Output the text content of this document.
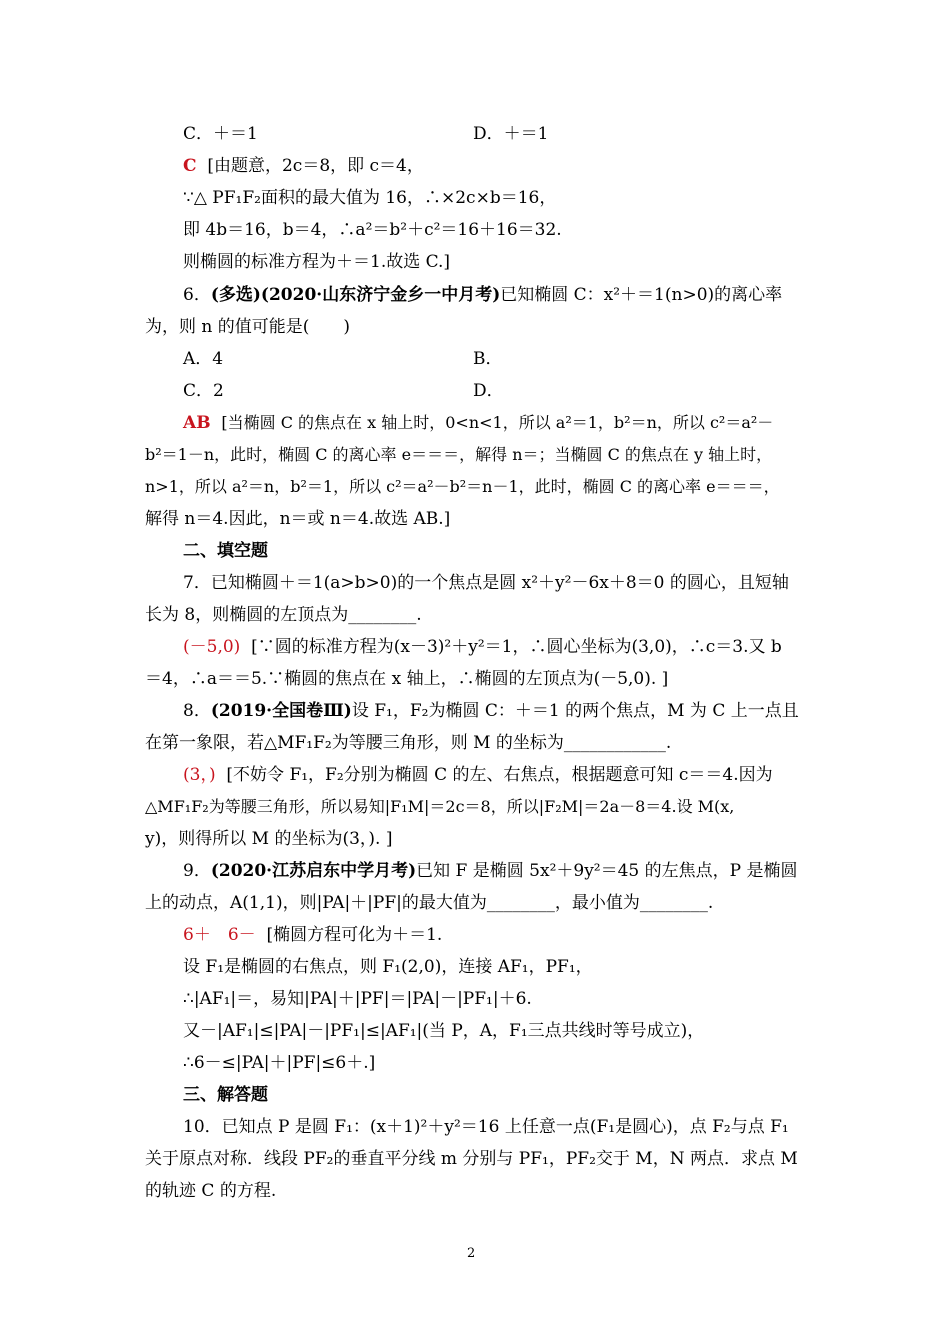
C．＋＝1	D．＋＝1
C [由题意，2c＝8，即 c＝4，
∵△ PF₁F₂面积的最大值为 16，∴×2c×b＝16，
即 4b＝16，b＝4，∴a²＝b²＋c²＝16＋16＝32.
则椭圆的标准方程为＋＝1.故选 C.]
6．(多选)(2020·山东济宁金乡一中月考)已知椭圆 C：x²＋＝1(n>0)的离心率
为，则 n 的值可能是(　　)
A．4	B．
C．2	D．
AB [当椭圆 C 的焦点在 x 轴上时，0<n<1，所以 a²＝1，b²＝n，所以 c²＝a²－
b²＝1－n，此时，椭圆 C 的离心率 e＝＝＝，解得 n＝；当椭圆 C 的焦点在 y 轴上时，
n>1，所以 a²＝n，b²＝1，所以 c²＝a²－b²＝n－1，此时，椭圆 C 的离心率 e＝＝＝，
解得 n＝4.因此，n＝或 n＝4.故选 AB.]
二、填空题
7．已知椭圆＋＝1(a>b>0)的一个焦点是圆 x²＋y²－6x＋8＝0 的圆心，且短轴
长为 8，则椭圆的左顶点为________.
(－5,0) [∵圆的标准方程为(x－3)²＋y²＝1，∴圆心坐标为(3,0)，∴c＝3.又 b
＝4，∴a＝＝5.∵椭圆的焦点在 x 轴上，∴椭圆的左顶点为(－5,0). ]
8．(2019·全国卷Ⅲ)设 F₁，F₂为椭圆 C：＋＝1 的两个焦点，M 为 C 上一点且
在第一象限，若△MF₁F₂为等腰三角形，则 M 的坐标为____________.
(3，) [不妨令 F₁，F₂分别为椭圆 C 的左、右焦点，根据题意可知 c＝＝4.因为
△MF₁F₂为等腰三角形，所以易知|F₁M|＝2c＝8，所以|F₂M|＝2a－8＝4.设 M(x,
y)，则得所以 M 的坐标为(3，). ]
9．(2020·江苏启东中学月考)已知 F 是椭圆 5x²＋9y²＝45 的左焦点，P 是椭圆
上的动点，A(1,1)，则|PA|＋|PF|的最大值为________，最小值为________.
6＋　6－ [椭圆方程可化为＋＝1.
设 F₁是椭圆的右焦点，则 F₁(2,0)，连接 AF₁，PF₁，
∴|AF₁|＝，易知|PA|＋|PF|＝|PA|－|PF₁|＋6.
又－|AF₁|≤|PA|－|PF₁|≤|AF₁|(当 P，A，F₁三点共线时等号成立)，
∴6－≤|PA|＋|PF|≤6＋.]
三、解答题
10．已知点 P 是圆 F₁：(x＋1)²＋y²＝16 上任意一点(F₁是圆心)，点 F₂与点 F₁
关于原点对称．线段 PF₂的垂直平分线 m 分别与 PF₁，PF₂交于 M，N 两点．求点 M
的轨迹 C 的方程.
2
